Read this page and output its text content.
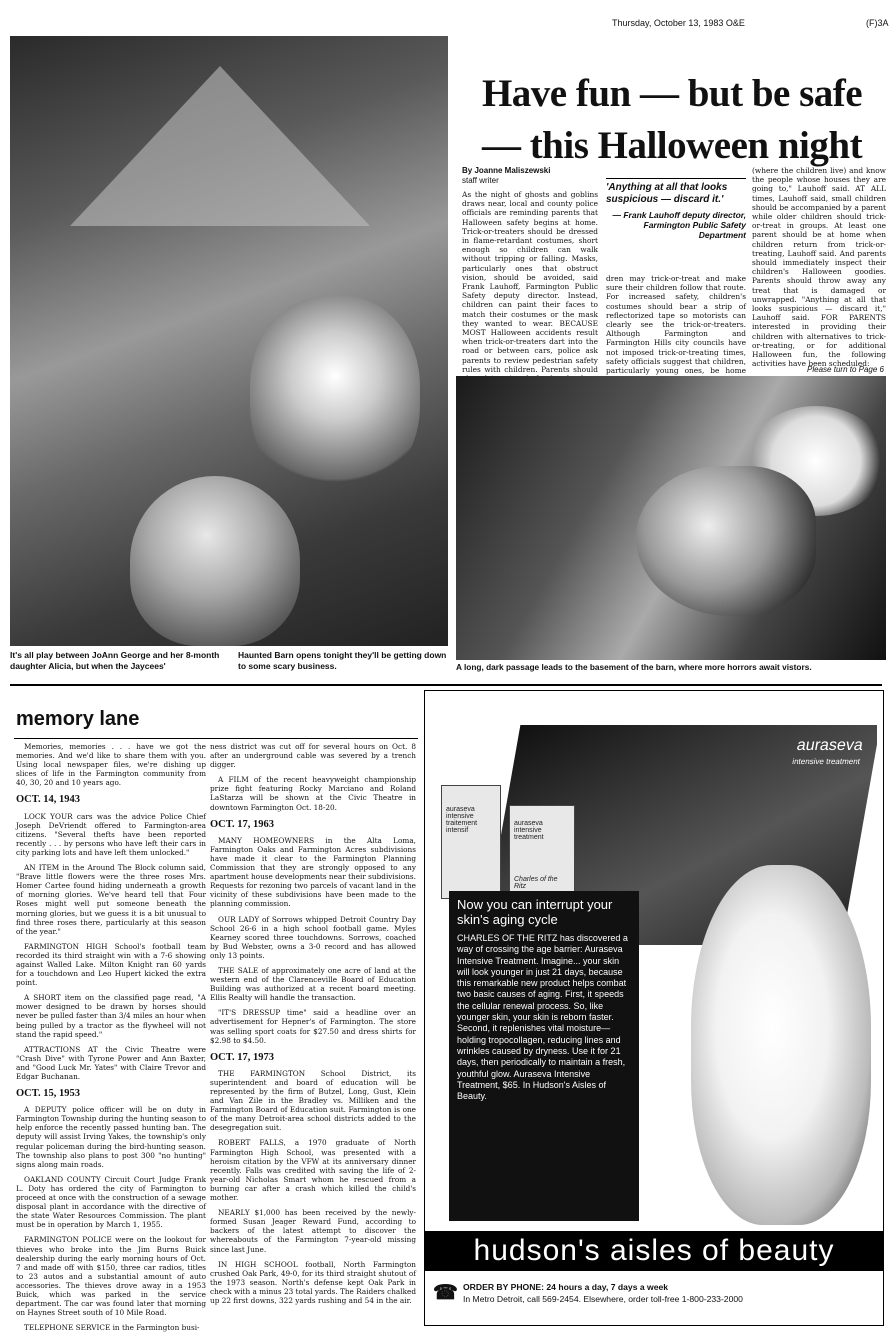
Thursday, October 13, 1983 O&E	(F)3A
It's all play between JoAnn George and her 8-month daughter Alicia, but when the Jaycees'
Haunted Barn opens tonight they'll be getting down to some scary business.
Have fun — but be safe — this Halloween night
By Joanne Maliszewski
staff writer
As the night of ghosts and goblins draws near, local and county police officials are reminding parents that Halloween safety begins at home. Trick-or-treaters should be dressed in flame-retardant costumes, short enough so children can walk without tripping or falling. Masks, particularly ones that obstruct vision, should be avoided, said Frank Lauhoff, Farmington Public Safety deputy director. Instead, children can paint their faces to match their costumes or the mask they wanted to wear. BECAUSE MOST Halloween accidents result when trick-or-treaters dart into the road or between cars, police ask parents to review pedestrian safety rules with children. Parents should
'Anything at all that looks suspicious — discard it.'
— Frank Lauhoff deputy director, Farmington Public Safety Department
dren may trick-or-treat and make sure their children follow that route. For increased safety, children's costumes should bear a strip of reflectorized tape so motorists can clearly see the trick-or-treaters. Although Farmington and Farmington Hills city councils have not imposed trick-or-treating times, safety officials suggest that children, particularly young ones, be home
(where the children live) and know the people whose houses they are going to," Lauhoff said. AT ALL times, Lauhoff said, small children should be accompanied by a parent while older children should trick-or-treat in groups. At least one parent should be at home when children return from trick-or-treating, Lauhoff said. And parents should immediately inspect their children's Halloween goodies. Parents should throw away any treat that is damaged or unwrapped. "Anything at all that looks suspicious — discard it," Lauhoff said. FOR PARENTS interested in providing their children with alternatives to trick-or-treating, or for additional Halloween fun, the following activities have been scheduled:
Please turn to Page 6
A long, dark passage leads to the basement of the barn, where more horrors await vistors.
memory lane

Memories, memories . . . have we got the memories. And we'd like to share them with you. Using local newspaper files, we're dishing up slices of life in the Farmington community from 40, 30, 20 and 10 years ago.

OCT. 14, 1943

LOCK YOUR cars was the advice Police Chief Joseph DeVriendt offered to Farmington-area citizens. "Several thefts have been reported recently . . . by persons who have left their cars in city parking lots and have left them unlocked."

AN ITEM in the Around The Block column said, "Brave little flowers were the three roses Mrs. Homer Cartee found hiding underneath a growth of morning glories. We've heard tell that Four Roses might well put someone beneath the morning glories, but we guess it is a bit unusual to find three roses there, particularly at this season of the year."

FARMINGTON HIGH School's football team recorded its third straight win with a 7-6 showing against Walled Lake. Milton Knight ran 60 yards for a touchdown and Leo Hupert kicked the extra point.

A SHORT item on the classified page read, "A mower designed to be drawn by horses should never be pulled faster than 3/4 miles an hour when being pulled by a tractor as the flywheel will not stand the rapid speed."

ATTRACTIONS AT the Civic Theatre were "Crash Dive" with Tyrone Power and Ann Baxter, and "Good Luck Mr. Yates" with Claire Trevor and Edgar Buchanan.

OCT. 15, 1953

A DEPUTY police officer will be on duty in Farmington Township during the hunting season to help enforce the recently passed hunting ban. The deputy will assist Irving Yakes, the township's only regular policeman during the bird-hunting season. The township also plans to post 300 "no hunting" signs along main roads.

OAKLAND COUNTY Circuit Court Judge Frank L. Doty has ordered the city of Farmington to proceed at once with the construction of a sewage disposal plant in accordance with the directive of the state Water Resources Commission. The plant must be in operation by March 1, 1955.

FARMINGTON POLICE were on the lookout for thieves who broke into the Jim Burns Buick dealership during the early morning hours of Oct. 7 and made off with $150, three car radios, titles to 23 autos and a substantial amount of auto accessories. The thieves drove away in a 1953 Buick, which was parked in the service department. The car was found later that morning on Haynes Street south of 10 Mile Road.

TELEPHONE SERVICE in the Farmington busi-

ness district was cut off for several hours on Oct. 8 after an underground cable was severed by a trench digger.

A FILM of the recent heavyweight championship prize fight featuring Rocky Marciano and Roland LaStarza will be shown at the Civic Theatre in downtown Farmington Oct. 18-20.

OCT. 17, 1963

MANY HOMEOWNERS in the Alta Loma, Farmington Oaks and Farmington Acres subdivisions have made it clear to the Farmington Planning Commission that they are strongly opposed to any apartment house developments near their subdivisions. Requests for rezoning two parcels of vacant land in the vicinity of these subdivisions have been made to the planning commission.

OUR LADY of Sorrows whipped Detroit Country Day School 26-6 in a high school football game. Myles Kearney scored three touchdowns. Sorrows, coached by Bud Webster, owns a 3-0 record and has allowed only 13 points.

THE SALE of approximately one acre of land at the western end of the Clarenceville Board of Education Building was authorized at a recent board meeting. Ellis Realty will handle the transaction.

"IT'S DRESSUP time" said a headline over an advertisement for Hepner's of Farmington. The store was selling sport coats for $27.50 and dress shirts for $2.98 to $4.50.

OCT. 17, 1973

THE FARMINGTON School District, its superintendent and board of education will be represented by the firm of Butzel, Long, Gust, Klein and Van Zile in the Bradley vs. Milliken and the Farmington Board of Education suit. Farmington is one of the many Detroit-area school districts added to the desegregation suit.

ROBERT FALLS, a 1970 graduate of North Farmington High School, was presented with a heroism citation by the VFW at its anniversary dinner recently. Falls was credited with saving the life of 2-year-old Nicholas Smart whom he rescued from a burning car after a crash which killed the child's mother.

NEARLY $1,000 has been received by the newly-formed Susan Jeager Reward Fund, according to backers of the latest attempt to discover the whereabouts of the Farmington 7-year-old missing since last June.

IN HIGH SCHOOL football, North Farmington crushed Oak Park, 49-0, for its third straight shutout of the 1973 season. North's defense kept Oak Park in check with a minus 23 total yards. The Raiders chalked up 22 first downs, 322 yards rushing and 54 in the air.

aurasevа
intensive treatment
aurasevа intensive traitement intensif
aurasevа intensive treatment
Charles of the Ritz
Now you can interrupt your skin's aging cycle
CHARLES OF THE RITZ has discovered a way of crossing the age barrier: Aurasevа Intensive Treatment. Imagine... your skin will look younger in just 21 days, because this remarkable new product helps combat two basic causes of aging. First, it speeds the cellular renewal process. So, like younger skin, your skin is reborn faster. Second, it replenishes vital moisture—holding tropocollagen, reducing lines and wrinkles caused by dryness. Use it for 21 days, then periodically to maintain a fresh, youthful glow. Aurasevа Intensive Treatment, $65. In Hudson's Aisles of Beauty.
hudson's aisles of beauty
☎ ORDER BY PHONE: 24 hours a day, 7 days a week
In Metro Detroit, call 569-2454. Elsewhere, order toll-free 1-800-233-2000
